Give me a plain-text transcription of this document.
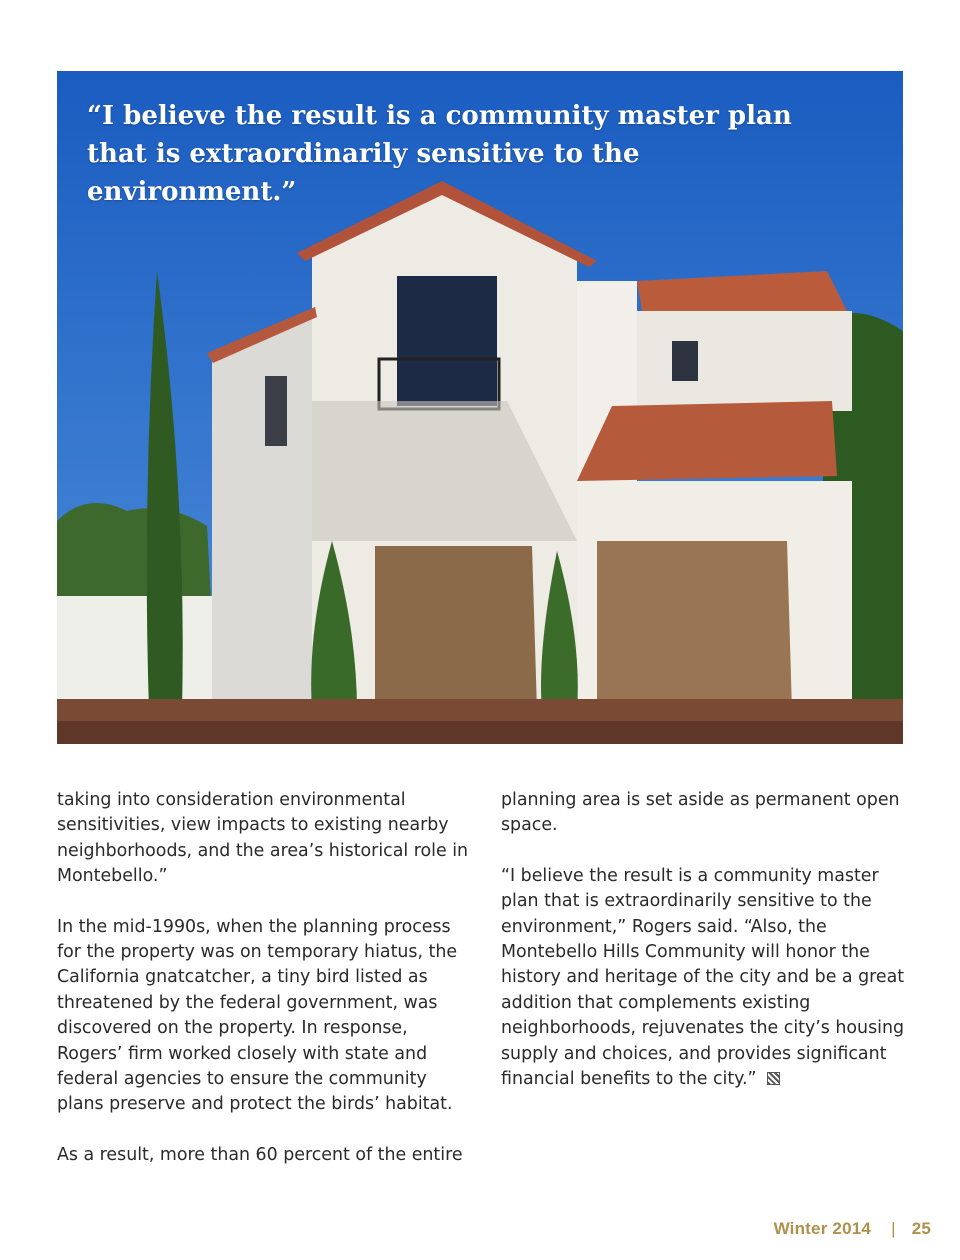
“I believe the result is a community master plan that is extraordinarily sensitive to the environment.”

taking into consideration environmental sensitivities, view impacts to existing nearby neighborhoods, and the area’s historical role in Montebello.”

In the mid-1990s, when the planning process for the property was on temporary hiatus, the California gnatcatcher, a tiny bird listed as threatened by the federal government, was discovered on the property. In response, Rogers’ firm worked closely with state and federal agencies to ensure the community plans preserve and protect the birds’ habitat.

As a result, more than 60 percent of the entire

planning area is set aside as permanent open space.

“I believe the result is a community master plan that is extraordinarily sensitive to the environment,” Rogers said. “Also, the Montebello Hills Community will honor the history and heritage of the city and be a great addition that complements existing neighborhoods, rejuvenates the city’s housing supply and choices, and provides significant financial benefits to the city.”

Winter 2014 | 25
